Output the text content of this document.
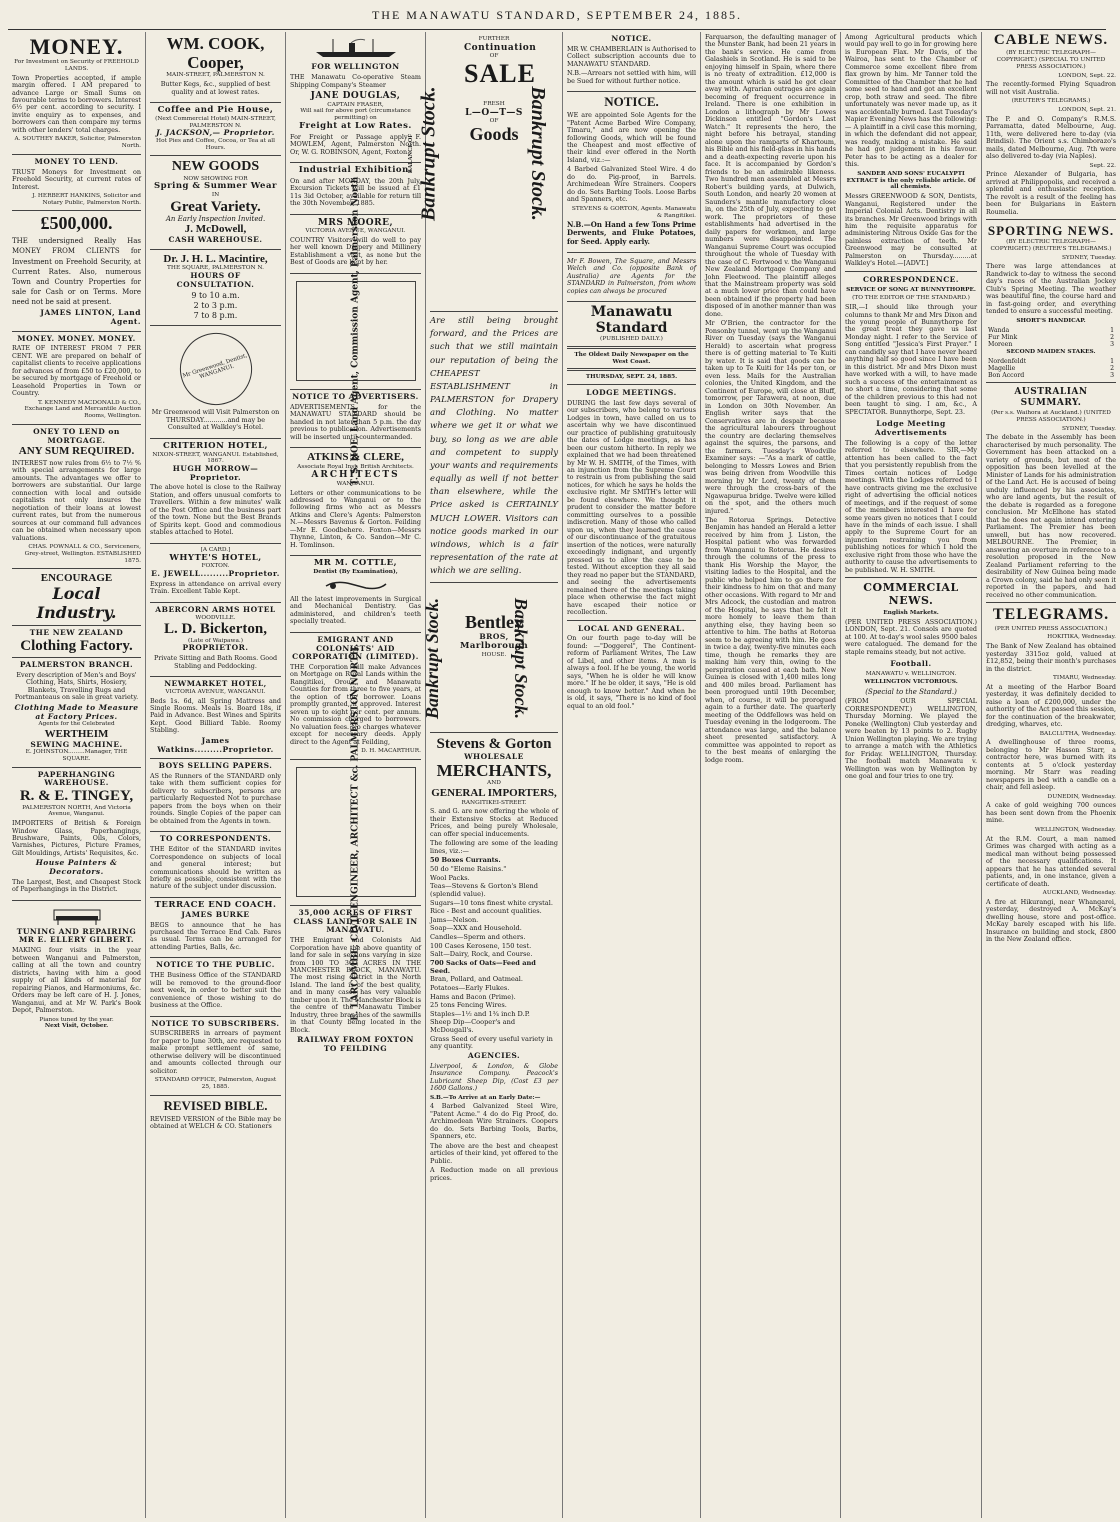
THE MANAWATU STANDARD, SEPTEMBER 24, 1885.
MONEY.
For Investment on Security of FREEHOLD LANDS.
Town Properties accepted, if ample margin offered. I AM prepared to advance Large or Small Sums on favourable terms to borrowers. Interest 6½ per cent. according to security. I invite enquiry as to expenses, and borrowers can then compare my terms with other lenders' total charges.
A. SOUTHEY BAKER, Solicitor, Palmerston North.
MONEY TO LEND.
TRUST Moneys for Investment on Freehold Security, at current rates of Interest.
J. HERBERT HANKINS, Solicitor and Notary Public, Palmerston North.
£500,000.
THE undersigned Really Has MONEY FROM CLIENTS for Investment on Freehold Security, at Current Rates. Also, numerous Town and Country Properties for sale for Cash or on Terms. More need not be said at present.
JAMES LINTON, Land Agent.
MONEY. MONEY. MONEY.
RATE OF INTEREST FROM 7 PER CENT. WE are prepared on behalf of capitalist clients to receive applications for advances of from £50 to £20,000, to be secured by mortgage of Freehold or Leasehold Properties in Town or Country.
T. KENNEDY MACDONALD & CO., Exchange Land and Mercantile Auction Rooms, Wellington.
ONEY TO LEND on MORTGAGE.
ANY SUM REQUIRED.
INTEREST now rules from 6½ to 7½ % with special arrangements for large amounts. The advantages we offer to borrowers are substantial. Our large connection with local and outside capitalists not only insures the negotiation of their loans at lowest current rates, but from the numerous sources at our command full advances can be obtained when necessary upon valuations.
CHAS. POWNALL & CO., Serviceners, Grey-street, Wellington. ESTABLISHED 1875.
ENCOURAGE
Local Industry.
THE NEW ZEALAND
Clothing Factory.
PALMERSTON BRANCH.
Every description of Men's and Boys' Clothing, Hats, Shirts, Hosiery, Blankets, Travelling Rugs and Portmanteaus on sale in great variety.
Clothing Made to Measure at Factory Prices.
Agents for the Celebrated
WERTHEIM
SEWING MACHINE.
E. JOHNSTON.........Manager, THE SQUARE.
PAPERHANGING WAREHOUSE.
R. & E. TINGEY,
PALMERSTON NORTH, And Victoria Avenue, Wanganui.
IMPORTERS of British & Foreign Window Glass, Paperhangings, Brushware, Paints, Oils, Colors, Varnishes, Pictures, Picture Frames, Gilt Mouldings, Artists' Requisites, &c.
House Painters & Decorators.
The Largest, Best, and Cheapest Stock of Paperhangings in the District.
TUNING AND REPAIRING
MR E. ELLERY GILBERT.
MAKING four visits in the year between Wanganui and Palmerston, calling at all the town and country districts, having with him a good supply of all kinds of material for repairing Pianos, and Harmoniums, &c. Orders may be left care of H. J. Jones, Wanganui, and at Mr W. Park's Book Depot, Palmerston.
Pianos tuned by the year.
Next Visit, October.
WM. COOK,
Cooper,
MAIN-STREET, PALMERSTON N.
Butter Kegs, &c., supplied of best quality and at lowest rates.
Coffee and Pie House,
(Next Commercial Hotel) MAIN-STREET, PALMERSTON N.
J. JACKSON,— Proprietor.
Hot Pies and Coffee, Cocoa, or Tea at all Hours.
NEW GOODS
NOW SHOWING FOR
Spring & Summer Wear
IN
Great Variety.
An Early Inspection Invited.
J. McDowell,
CASH WAREHOUSE.
Dr. J. H. L. Macintire,
THE SQUARE, PALMERSTON N.
HOURS OF CONSULTATION.
9 to 10 a.m.
2 to 3 p.m.
7 to 8 p.m.
Mr Greenwood, Dentist, WANGANUI.
Mr Greenwood will Visit Palmerston on THURSDAY............and may be Consulted at Walkley's Hotel.
CRITERION HOTEL,
NIXON-STREET, WANGANUI. Established, 1867.
HUGH MORROW—Proprietor.
The above hotel is close to the Railway Station, and offers unusual comforts to Travellers. Within a few minutes' walk of the Post Office and the business part of the town. None but the Best Brands of Spirits kept. Good and commodious stables attached to Hotel.
[A CARD.]
WHYTE'S HOTEL,
FOXTON.
E. JEWELL.........Proprietor.
Express in attendance on arrival every Train. Excellent Table Kept.
ABERCORN ARMS HOTEL
WOODVILLE.
L. D. Bickerton,
(Late of Waipawa.)
PROPRIETOR.
Private Sitting and Bath Rooms. Good Stabling and Peddocking.
NEWMARKET HOTEL,
VICTORIA AVENUE, WANGANUI.
Beds 1s. 6d, all Spring Mattress and Single Rooms. Meals 1s. Board 18s, if Paid in Advance. Best Wines and Spirits Kept. Good Billiard Table. Roomy Stabling.
James Watkins.........Proprietor.
BOYS SELLING PAPERS.
AS the Runners of the STANDARD only take with them sufficient copies for delivery to subscribers, persons are particularly Requested Not to purchase papers from the boys when on their rounds. Single Copies of the paper can be obtained from the Agents in town.
TO CORRESPONDENTS.
THE Editor of the STANDARD invites Correspondence on subjects of local and general interest; but communications should be written as briefly as possible, consistent with the nature of the subject under discussion.
TERRACE END COACH.
JAMES BURKE
BEGS to announce that he has purchased the Terrace End Cab. Fares as usual. Terms can be arranged for attending Parties, Balls, &c.
NOTICE TO THE PUBLIC.
THE Business Office of the STANDARD will be removed to the ground-floor next week, in order to better suit the convenience of those wishing to do business at the Office.
NOTICE TO SUBSCRIBERS.
SUBSCRIBERS in arrears of payment for paper to June 30th, are requested to make prompt settlement of same, otherwise delivery will be discontinued and amounts collected through our solicitor.
STANDARD OFFICE, Palmerston, August 25, 1885.
REVISED BIBLE.
REVISED VERSION of the Bible may be obtained at WELCH & CO. Stationers
FOR WELLINGTON
THE Manawatu Co-operative Steam Shipping Company's Steamer
JANE DOUGLAS,
CAPTAIN FRASER,
Will sail for above port (circumstance permitting) on
Freight at Low Rates.
For Freight or Passage apply F. MOWLEM, Agent, Palmerston North. Or, W. G. ROBINSON, Agent, Foxton.
Industrial Exhibition.
On and after MONDAY, the 20th July, Excursion Tickets will be issued at £1 11s 3id October, available for return till the 30th November, 1885.
MRS MOORE,
VICTORIA AVENUE, WANGANUI.
COUNTRY Visitors will do well to pay her well known Drapery and Millinery Establishment a visit, as none but the Best of Goods are kept by her.
T. S. HOE, Land Agent, Commission Agent, Palmerston North
NOTICE TO ADVERTISERS.
ADVERTISEMENTS for the MANAWATU STANDARD should be handed in not later than 5 p.m. the day previous to publication. Advertisements will be inserted until countermanded.
ATKINS & CLERE,
Associate Royal Inst. British Architects.
ARCHITECTS
WANGANUI.
Letters or other communications to be addressed to Wanganui or to the following firms who act as Messrs Atkins and Clere's Agents: Palmerston N.—Messrs Bavenus & Gorton. Feilding—Mr E. Goodbehere. Foxton—Messrs Thynne, Linton, & Co. Sandon—Mr C. H. Tomlinson.
MR M. COTTLE,
Dentist (By Examination),
All the latest improvements in Surgical and Mechanical Dentistry. Gas administered, and children's teeth specially treated.
EMIGRANT AND COLONISTS' AID CORPORATION (LIMITED).
THE Corporation will make Advances on Mortgage on Rural Lands within the Rangitikei, Oroua, and Manawatu Counties for from three to five years, at the option of the borrower. Loans promptly granted, if approved. Interest seven up to eight per cent. per annum. No commission charged to borrowers. No valuation fees. No charges whatever except for necessary deeds. Apply direct to the Agent at Feilding,
D. H. MACARTHUR.
E. LARCOMBE, CIVIL ENGINEER, ARCHITECT &c. PALMERSTON NORTH.
35,000 ACRES OF FIRST CLASS LAND FOR SALE IN MANAWATU.
THE Emigrant and Colonists Aid Corporation have the above quantity of land for sale in sections varying in size from 100 TO 300 ACRES IN THE MANCHESTER BLOCK, MANAWATU. The most rising district in the North Island. The land is of the best quality, and in many cases has very valuable timber upon it. The Manchester Block is the centre of the Manawatu Timber Industry, three branches of the sawmills in that County being located in the Block.
RAILWAY FROM FOXTON TO FEILDING
Bankrupt Stock.
BALANCE OF
FURTHER
Continuation
OF
SALE
FRESH
L—O—T—S
OF
Goods Bankrupt Stock.
Are still being brought forward, and the Prices are such that we still maintain our reputation of being the CHEAPEST ESTABLISHMENT in PALMERSTON for Drapery and Clothing. No matter where we get it or what we buy, so long as we are able and competent to supply your wants and requirements equally as well if not better than elsewhere, while the Price asked is CERTAINLY MUCH LOWER. Visitors can notice goods marked in our windows, which is a fair representation of the rate at which we are selling.
Bankrupt Stock. Bentley
BROS,
Marlborough
HOUSE. Bankrupt Stock.
Stevens & Gorton
WHOLESALE
MERCHANTS,
AND
GENERAL IMPORTERS,
RANGITIKEI-STREET.
S. and G. are now offering the whole of their Extensive Stocks at Reduced Prices, and being purely Wholesale, can offer special inducements.
The following are some of the leading lines, viz.:—
50 Boxes Currants.
50 do "Eleme Raisins."
Wool Packs.
Teas—Stevens & Gorton's Blend (splendid value).
Sugars—10 tons finest white crystal.
Rice - Best and account qualities.
Jams—Nelson.
Soap—XXX and Household.
Candles—Sperm and others.
100 Cases Kerosene, 150 test.
Salt—Dairy, Rock, and Course.
700 Sacks of Oats—Feed and Seed.
Bran, Pollard, and Oatmeal.
Potatoes—Early Flukes.
Hams and Bacon (Prime).
25 tons Fencing Wires.
Staples—1½ and 1¾ inch D.P.
Sheep Dip—Cooper's and McDougall's.
Grass Seed of every useful variety in any quantity.
AGENCIES.
Liverpool, & London, & Globe Insurance Company. Peacock's Lubricant Sheep Dip, (Cost £3 per 1600 Gallons.)
S.B.—To Arrive at an Early Date:—
4 Barbed Galvanized Steel Wire, "Patent Acme." 4 do do Fig Proof, do. Archimedean Wire Strainers. Coopers do do. Sets Barbing Tools, Barbs, Spanners, etc.
The above are the best and cheapest articles of their kind, yet offered to the Public.
A Reduction made on all previous prices.
NOTICE.
MR W. CHAMBERLAIN is Authorised to Collect subscription accounts due to MANAWATU STANDARD.
N.B.—Arrears not settled with him, will be Sued for without further notice.
NOTICE.
WE are appointed Sole Agents for the "Patent Acme Barbed Wire Company, Timaru," and are now opening the following Goods, which will be found the Cheapest and most effective of their kind ever offered in the North Island, viz.:—
4 Barbed Galvanized Steel Wire. 4 do do do. Pig-proof, in Barrels. Archimedean Wire Strainers. Coopers do do. Sets Barbing Tools. Loose Barbs and Spanners, etc.
STEVENS & GORTON, Agents. Manawatu & Rangitikei.
N.B.—On Hand a few Tons Prime Derwents, and Fluke Potatoes, for Seed. Apply early.
Mr F. Bowen, The Square, and Messrs Welch and Co. (opposite Bank of Australia) are Agents for the STANDARD in Palmerston, from whom copies can always be procured
Manawatu Standard
(PUBLISHED DAILY.)
The Oldest Daily Newspaper on the West Coast.
THURSDAY, SEPT. 24, 1885.
LODGE MEETINGS.
DURING the last few days several of our subscribers, who belong to various Lodges in town, have called on us to ascertain why we have discontinued our practice of publishing gratuitously the dates of Lodge meetings, as has been our custom hitherto. In reply we explained that we had been threatened by Mr W. H. SMITH, of the Times, with an injunction from the Supreme Court to restrain us from publishing the said notices, for which he says he holds the exclusive right. Mr SMITH's letter will be found elsewhere. We thought it prudent to consider the matter before committing ourselves to a possible indiscretion. Many of those who called upon us, when they learned the cause of our discontinuance of the gratuitous insertion of the notices, were naturally exceedingly indignant, and urgently pressed us to allow the case to be tested. Without exception they all said they read no paper but the STANDARD, and seeing the advertisements remained there of the meetings taking place when otherwise the fact might have escaped their notice or recollection.
LOCAL AND GENERAL.
On our fourth page to-day will be found: —"Doggerel", The Continent-reform of Parliament Writes, The Law of Libel, and other items. A man is always a fool. If he be young, the world says, "When he is older he will know more." If he be older, it says, "He is old enough to know better." And when he is old, it says, "There is no kind of fool equal to an old fool."
Farquarson, the defaulting manager of the Munster Bank, had been 21 years in the bank's service. He came from Galashiels in Scotland. He is said to be enjoying himself in Spain, where there is no treaty of extradition. £12,000 is the amount which is said he got clear away with. Agrarian outrages are again becoming of frequent occurrence in Ireland. There is one exhibition in London a lithograph by Mr Lowes Dickinson entitled "Gordon's Last Watch." It represents the hero, the night before his betrayal, standing alone upon the ramparts of Khartoum, his Bible and his field-glass in his hands and a death-expecting reverie upon his face. It is accompanied by Gordon's friends to be an admirable likeness. Two hundred men assembled at Messrs Robert's building yards, at Dulwich, South London, and nearly 20 women at Saunders's mantle manufactory close in, on the 25th of July, expecting to get work. The proprietors of these establishments had advertised in the daily papers for workmen, and large numbers were disappointed. The Wanganui Supreme Court was occupied throughout the whole of Tuesday with the case of C. Fortwood v. the Wanganui New Zealand Mortgage Company and John Fleetwood. The plaintiff alleges that the Mainstream property was sold at a much lower price than could have been obtained if the property had been disposed of in another manner than was done.
Mr O'Brien, the contractor for the Ponsonby tunnel, went up the Wanganui River on Tuesday (says the Wanganui Herald) to ascertain what progress there is of getting material to Te Kuiti by water. It is said that goods can be taken up to Te Kuiti for 14s per ton, or even less. Mails for the Australian colonies, the United Kingdom, and the Continent of Europe, will close at Bluff, tomorrow, per Tarawera, at noon, due in London on 30th November. An English writer says that the Conservatives are in despair because the agricultural labourers throughout the country are declaring themselves against the squires, the parsons, and the farmers. Tuesday's Woodville Examiner says: —"As a mark of cattle, belonging to Messrs Lowes and Brien was being driven from Woodville this morning by Mr Lord, twenty of them were through the cross-bars of the Ngawapurua bridge. Twelve were killed on the spot, and the others much injured."
The Rotorua Springs. Detective Benjamin has handed an Herald a letter received by him from J. Liston, the Hospital patient who was forwarded from Wanganui to Rotorua. He desires through the columns of the press to thank His Worship the Mayor, the visiting ladies to the Hospital, and the public who helped him to go there for their kindness to him on that and many other occasions. With regard to Mr and Mrs Adcock, the custodian and matron of the Hospital, he says that he felt it more homely to leave them than anything else, they having been so attentive to him. The baths at Rotorua seem to be agreeing with him. He goes in twice a day, twenty-five minutes each time, though he remarks they are making him very thin, owing to the perspiration caused at each bath. New Guinea is closed with 1,400 miles long and 400 miles broad. Parliament has been prorogued until 19th December, when, of course, it will be prorogued again to a further date. The quarterly meeting of the Oddfellows was held on Tuesday evening in the lodgeroom. The attendance was large, and the balance sheet presented satisfactory. A committee was appointed to report as to the best means of enlarging the lodge room.
Among Agricultural products which would pay well to go in for growing here is European Flax. Mr Davis, of the Wairoa, has sent to the Chamber of Commerce some excellent fibre from flax grown by him. Mr Tanner told the Committee of the Chamber that he had some seed to hand and got an excellent crop, both straw and seed. The fibre unfortunately was never made up, as it was accidentally burned. Last Tuesday's Napier Evening News has the following: — A plaintiff in a civil case this morning, in which the defendant did not appear, was ready, making a mistake. He said he had got judgement in his favour. Peter has to be acting as a dealer for this.
SANDER AND SONS' EUCALYPTI EXTRACT is the only reliable article. Of all chemists.
Messrs GREENWOOD & SON, Dentists, Wanganui, Registered under the Imperial Colonial Acts. Dentistry in all its branches. Mr Greenwood brings with him the requisite apparatus for administering Nitrous Oxide Gas for the painless extraction of teeth. Mr Greenwood may be consulted at Palmerston on Thursday.........at Walkley's Hotel.—[ADVT.]
CORRESPONDENCE.
SERVICE OF SONG AT BUNNYTHORPE.
(TO THE EDITOR OF THE STANDARD.)
SIR,—I should like through your columns to thank Mr and Mrs Dixon and the young people of Bunnythorpe for the great treat they gave us last Monday night. I refer to the Service of Song entitled "Jessica's First Prayer." I can candidly say that I have never heard anything half so good since I have been in this district. Mr and Mrs Dixon must have worked with a will, to have made such a success of the entertainment as no short a time, considering that some of the children previous to this had not been taught to sing. I am, &c., A SPECTATOR. Bunnythorpe, Sept. 23.
Lodge Meeting Advertisements
The following is a copy of the letter referred to elsewhere. SIR,—My attention has been called to the fact that you persistently republish from the Times certain notices of Lodge meetings. With the Lodges referred to I have contracts giving me the exclusive right of advertising the official notices of meetings, and if the request of some of the members interested I have for some years given no notices that I could have in the minds of each issue. I shall apply to the Supreme Court for an injunction restraining you from publishing notices for which I hold the exclusive right from those who have the authority to cause the advertisements to be published. W. H. SMITH.
COMMERCIAL NEWS.
English Markets.
(PER UNITED PRESS ASSOCIATION.) LONDON, Sept. 21. Consols are quoted at 100. At to-day's wool sales 9500 bales were catalogued. The demand for the staple remains steady, but not active.
Football.
MANAWATU v. WELLINGTON.
WELLINGTON VICTORIOUS.
(Special to the Standard.)
(FROM OUR SPECIAL CORRESPONDENT.) WELLINGTON, Thursday Morning. We played the Poneke (Wellington) Club yesterday and were beaten by 13 points to 2. Rugby Union Wellington playing. We are trying to arrange a match with the Athletics for Friday. WELLINGTON, Thursday. The football match Manawatu v. Wellington was won by Wellington by one goal and four tries to one try.
CABLE NEWS.
(BY ELECTRIC TELEGRAPH—COPYRIGHT.) (SPECIAL TO UNITED PRESS ASSOCIATION.)
LONDON, Sept. 22.
The recently-formed Flying Squadron will not visit Australia.
(REUTER'S TELEGRAMS.)
LONDON, Sept. 21.
The P. and O. Company's R.M.S. Parramatta, dated Melbourne, Aug. 11th, were delivered here to-day (via Brindisi). The Orient s.s. Chimborazo's mails, dated Melbourne, Aug. 7th were also delivered to-day (via Naples).
Sept. 22.
Prince Alexander of Bulgaria, has arrived at Philippopolis, and received a splendid and enthusiastic reception. The revolt is a result of the feeling has been for Bulgarians in Eastern Roumelia.
SPORTING NEWS.
(BY ELECTRIC TELEGRAPH—COPYRIGHT.) (REUTER'S TELEGRAMS.)
SYDNEY, Tuesday.
There was large attendances at Randwick to-day to witness the second day's races of the Australian Jockey Club's Spring Meeting. The weather was beautiful fine, the course hard and in fast-going order, and everything tended to ensure a successful meeting.
SHORT'S HANDICAP.
Wanda	1
Fur Mink	2
Moreen	3
SECOND MAIDEN STAKES.
Nordenfeldt	1
Magellie	2
Bon Accord	3
AUSTRALIAN SUMMARY.
(Per s.s. Waihora at Auckland.) (UNITED PRESS ASSOCIATION.)
SYDNEY, Tuesday.
The debate in the Assembly has been characterised by much personality. The Government has been attacked on a variety of grounds, but most of the opposition has been levelled at the Minister of Lands for his administration of the Land Act. He is accused of being unduly influenced by his associates, who are land agents, but the result of the debate is regarded as a foregone conclusion. Mr McElhone has stated that he does not again intend entering Parliament. The Premier has been unwell, but has now recovered. MELBOURNE. The Premier, in answering an overture in reference to a resolution proposed in the New Zealand Parliament referring to the desirability of New Guinea being made a Crown colony, said he had only seen it reported in the papers, and had received no other communication.
TELEGRAMS.
(PER UNITED PRESS ASSOCIATION.)
HOKITIKA, Wednesday.
The Bank of New Zealand has obtained yesterday 3315oz gold, valued at £12,852, being their month's purchases in the district.
TIMARU, Wednesday.
At a meeting of the Harbor Board yesterday, it was definitely decided to raise a loan of £200,000, under the authority of the Act passed this session, for the continuation of the breakwater, dredging, wharves, etc.
BALCLUTHA, Wednesday.
A dwellinghouse of three rooms, belonging to Mr Hasson Starr, a contractor here, was burned with its contents at 5 o'clock yesterday morning. Mr Starr was reading newspapers in bed with a candle on a chair, and fell asleep.
DUNEDIN, Wednesday.
A cake of gold weighing 700 ounces has been sent down from the Phoenix mine.
WELLINGTON, Wednesday.
At the R.M. Court, a man named Grimes was charged with acting as a medical man without being possessed of the necessary qualifications. It appears that he has attended several patients, and, in one instance, given a certificate of death.
AUCKLAND, Wednesday.
A fire at Hikurangi, near Whangarei, yesterday, destroyed A. McKay's dwelling house, store and post-office. McKay barely escaped with his life. Insurance on building and stock, £800 in the New Zealand office.
